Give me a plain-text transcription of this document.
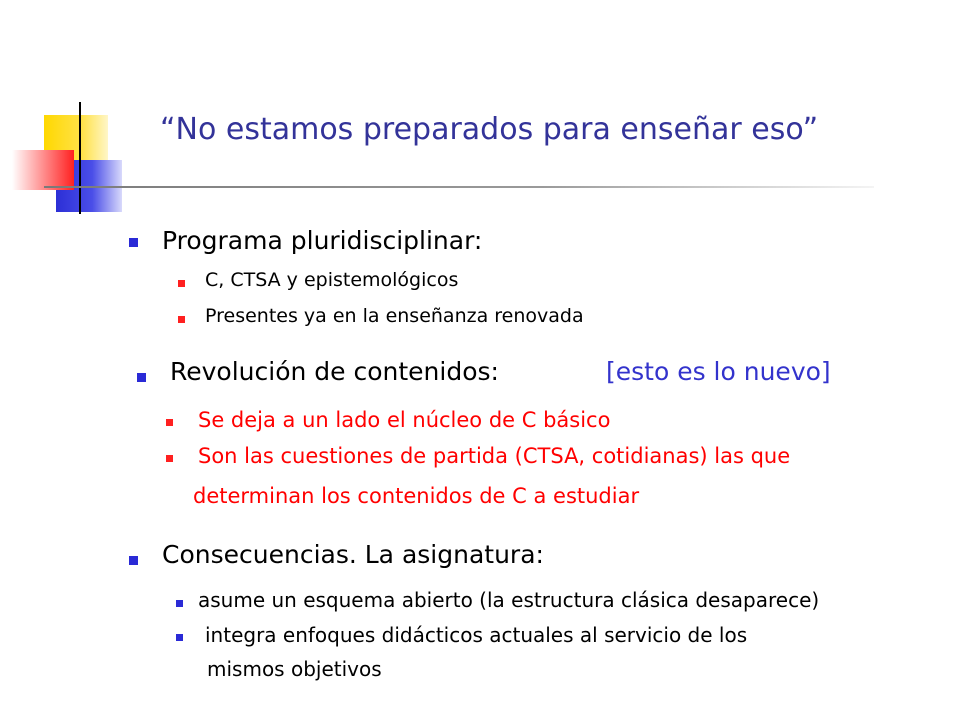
“No estamos preparados para enseñar eso”
Programa pluridisciplinar:
C, CTSA y epistemológicos
Presentes ya en la enseñanza renovada
Revolución de contenidos:	[esto es lo nuevo]
Se deja a un lado el núcleo de C básico
Son las cuestiones de partida (CTSA, cotidianas) las que
determinan los contenidos de C a estudiar
Consecuencias. La asignatura:
asume un esquema abierto (la estructura clásica desaparece)
integra enfoques didácticos actuales al servicio de los
mismos objetivos
